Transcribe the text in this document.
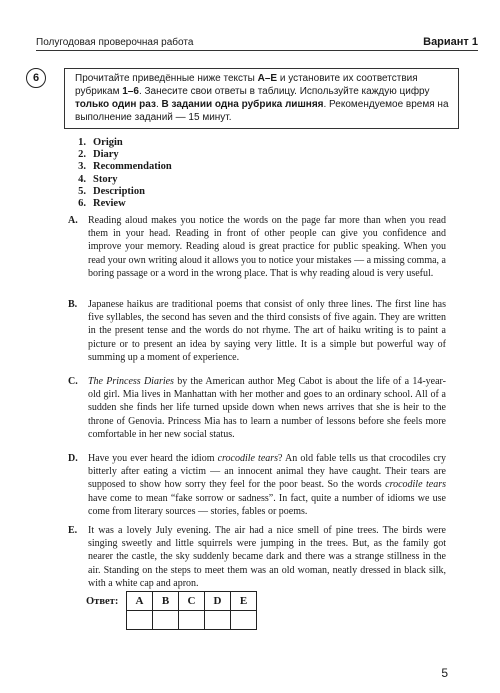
Полугодовая проверочная работа	Вариант 1
6	Прочитайте приведённые ниже тексты A–E и установите их соответствия рубрикам 1–6. Занесите свои ответы в таблицу. Используйте каждую цифру только один раз. В задании одна рубрика лишняя. Рекомендуемое время на выполнение заданий — 15 минут.
1. Origin
2. Diary
3. Recommendation
4. Story
5. Description
6. Review
A.	Reading aloud makes you notice the words on the page far more than when you read them in your head. Reading in front of other people can give you confidence and improve your memory. Reading aloud is great practice for public speaking. When you read your own writing aloud it allows you to notice your mistakes — a missing comma, a boring passage or a word in the wrong place. That is why reading aloud is very useful.
B.	Japanese haikus are traditional poems that consist of only three lines. The first line has five syllables, the second has seven and the third consists of five again. They are written in the present tense and the words do not rhyme. The art of haiku writing is to paint a picture or to present an idea by saying very little. It is a simple but powerful way of summing up a moment of experience.
C.	The Princess Diaries by the American author Meg Cabot is about the life of a 14-year-old girl. Mia lives in Manhattan with her mother and goes to an ordinary school. All of a sudden she finds her life turned upside down when news arrives that she is heir to the throne of Genovia. Princess Mia has to learn a number of lessons before she feels more comfortable in her new social status.
D.	Have you ever heard the idiom crocodile tears? An old fable tells us that crocodiles cry bitterly after eating a victim — an innocent animal they have caught. Their tears are supposed to show how sorry they feel for the poor beast. So the words crocodile tears have come to mean “fake sorrow or sadness”. In fact, quite a number of idioms we use come from literary sources — stories, fables or poems.
E.	It was a lovely July evening. The air had a nice smell of pine trees. The birds were singing sweetly and little squirrels were jumping in the trees. But, as the family got nearer the castle, the sky suddenly became dark and there was a strange stillness in the air. Standing on the steps to meet them was an old woman, neatly dressed in black silk, with a white cap and apron.
Ответ: A	B	C	D	E

5
